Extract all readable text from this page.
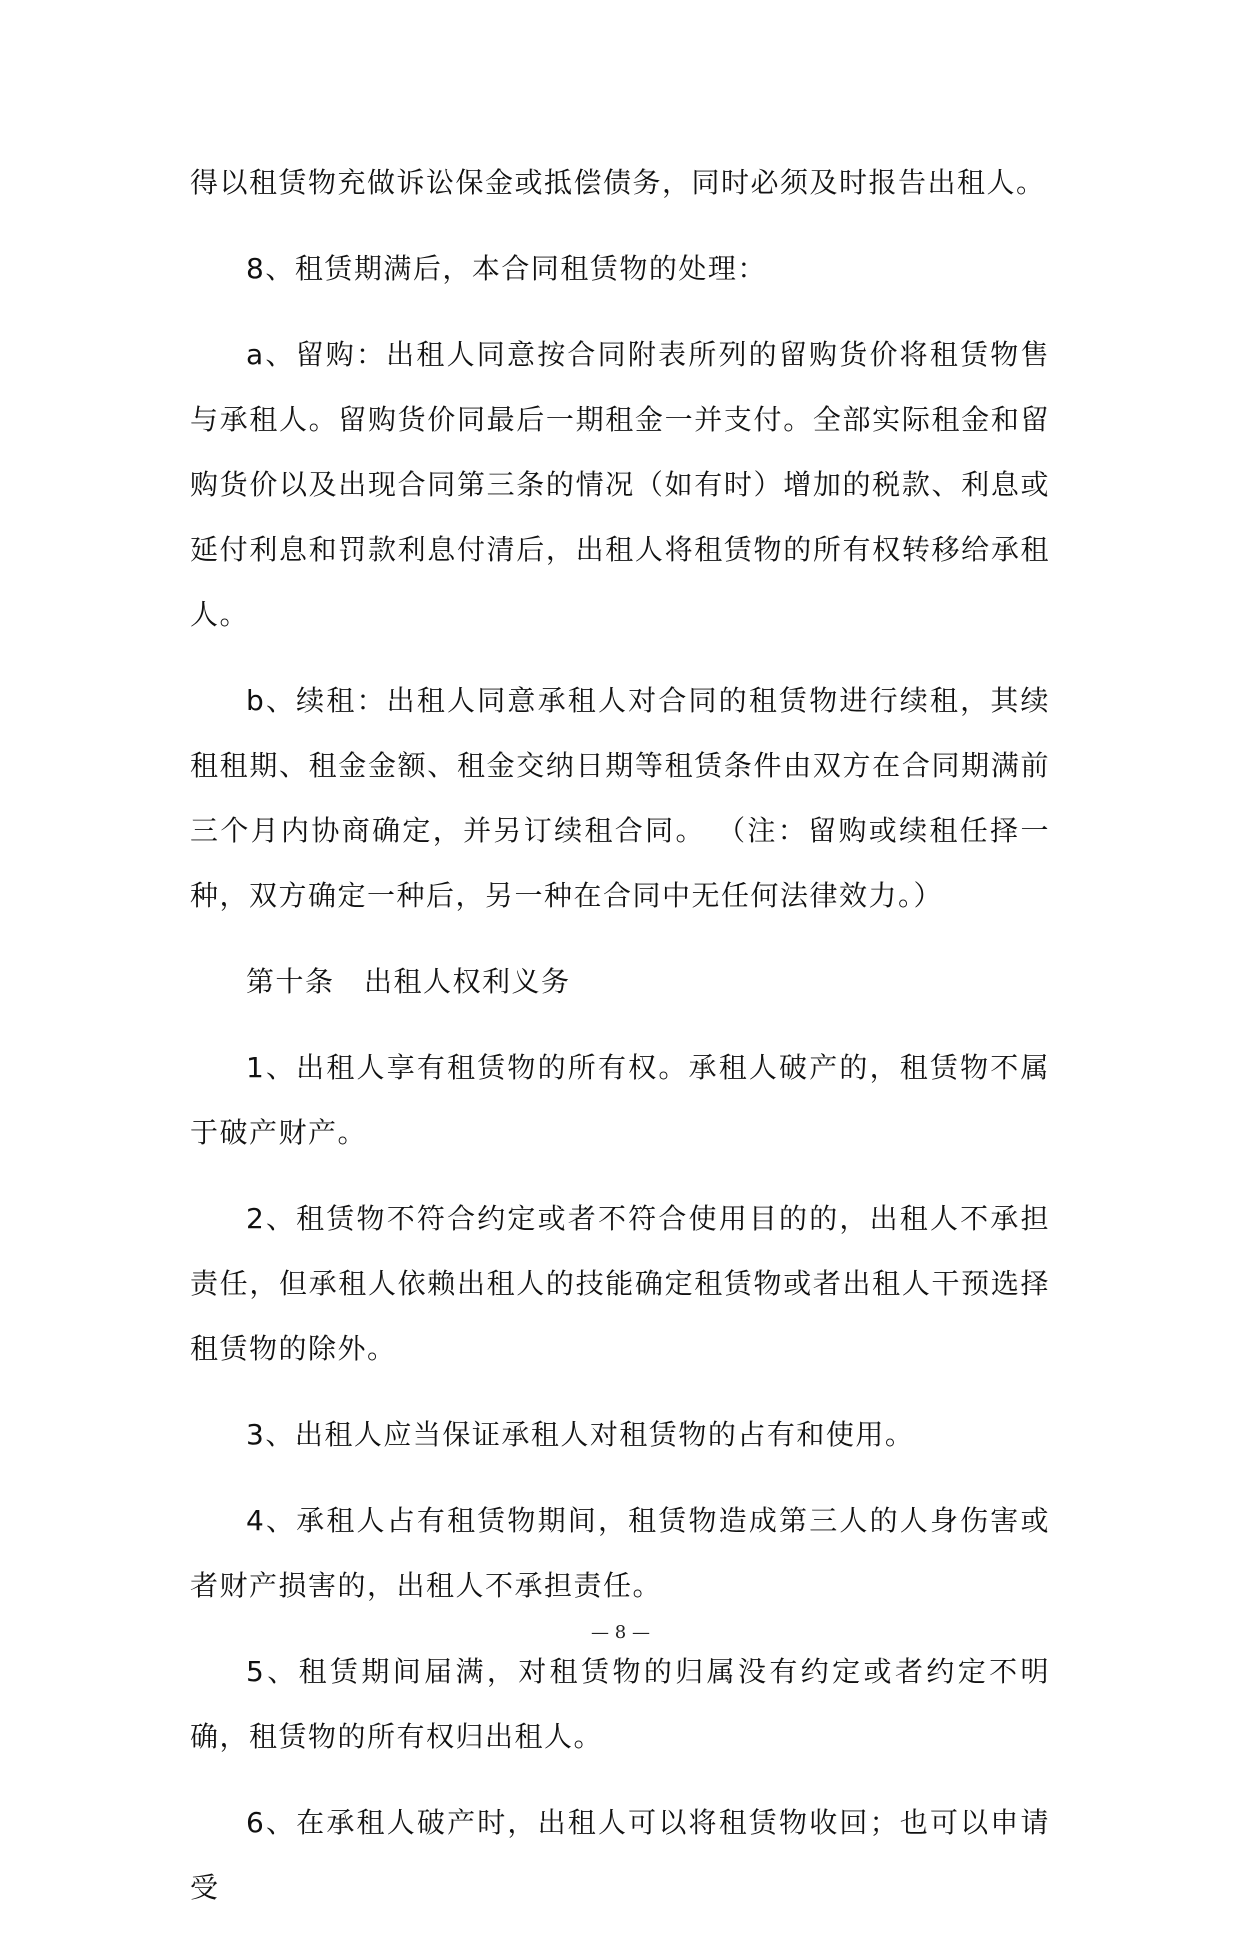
得以租赁物充做诉讼保金或抵偿债务，同时必须及时报告出租人。

8、租赁期满后，本合同租赁物的处理：

a、留购：出租人同意按合同附表所列的留购货价将租赁物售与承租人。留购货价同最后一期租金一并支付。全部实际租金和留购货价以及出现合同第三条的情况（如有时）增加的税款、利息或延付利息和罚款利息付清后，出租人将租赁物的所有权转移给承租人。

b、续租：出租人同意承租人对合同的租赁物进行续租，其续租租期、租金金额、租金交纳日期等租赁条件由双方在合同期满前三个月内协商确定，并另订续租合同。 （注：留购或续租任择一种，双方确定一种后，另一种在合同中无任何法律效力。）

第十条　出租人权利义务

1、出租人享有租赁物的所有权。承租人破产的，租赁物不属于破产财产。

2、租赁物不符合约定或者不符合使用目的的，出租人不承担责任，但承租人依赖出租人的技能确定租赁物或者出租人干预选择租赁物的除外。

3、出租人应当保证承租人对租赁物的占有和使用。

4、承租人占有租赁物期间，租赁物造成第三人的人身伤害或者财产损害的，出租人不承担责任。

5、租赁期间届满，对租赁物的归属没有约定或者约定不明确，租赁物的所有权归出租人。

6、在承租人破产时，出租人可以将租赁物收回；也可以申请受

— 8 —
